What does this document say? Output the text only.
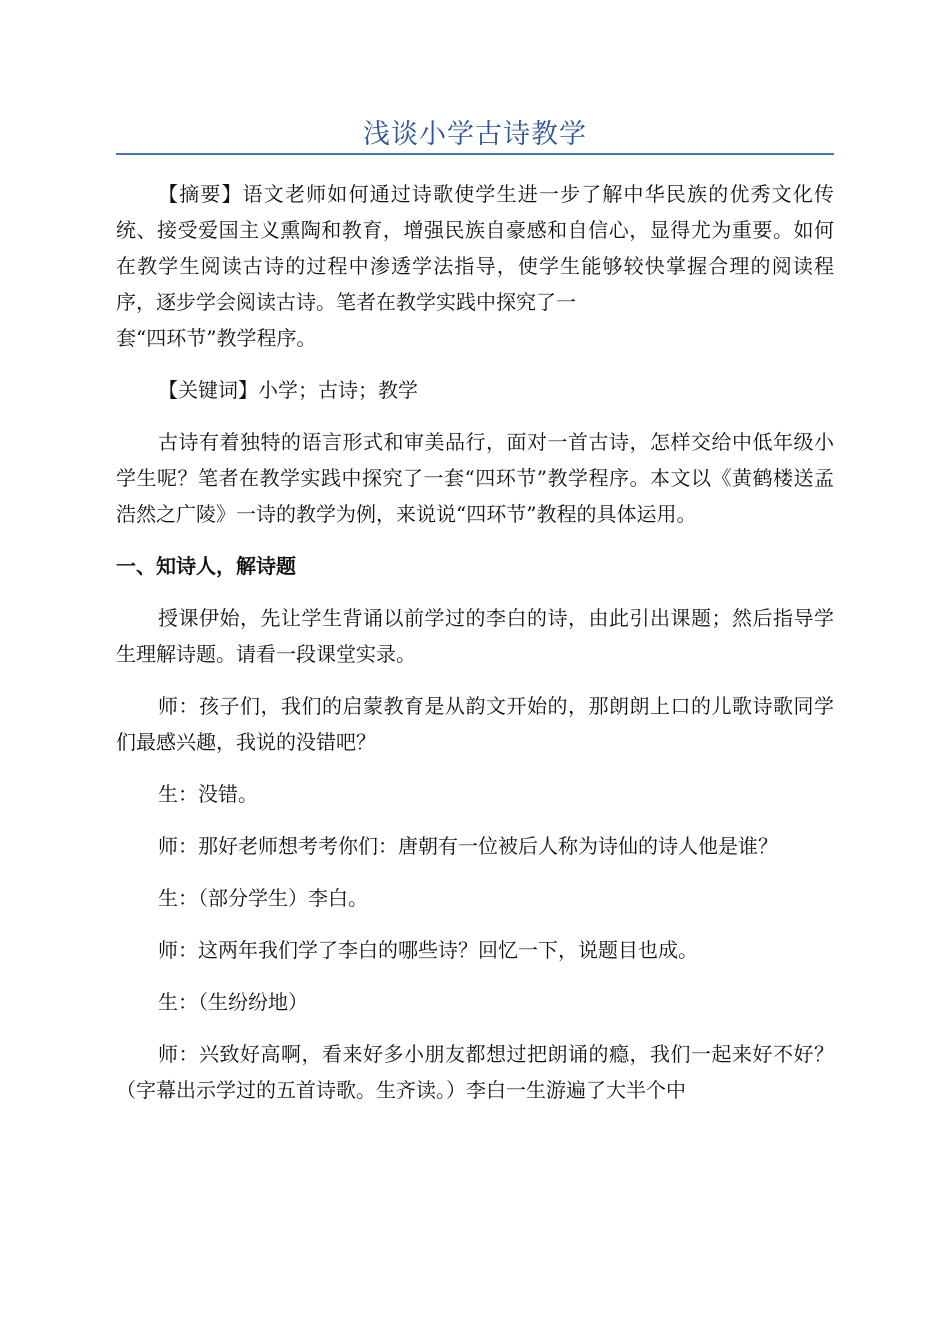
浅谈小学古诗教学

【摘要】语文老师如何通过诗歌使学生进一步了解中华民族的优秀文化传统、接受爱国主义熏陶和教育，增强民族自豪感和自信心，显得尤为重要。如何在教学生阅读古诗的过程中渗透学法指导，使学生能够较快掌握合理的阅读程序，逐步学会阅读古诗。笔者在教学实践中探究了一

套“四环节”教学程序。

【关键词】小学；古诗；教学

古诗有着独特的语言形式和审美品行，面对一首古诗，怎样交给中低年级小学生呢？笔者在教学实践中探究了一套“四环节”教学程序。本文以《黄鹤楼送孟浩然之广陵》一诗的教学为例，来说说“四环节”教程的具体运用。

一、知诗人，解诗题

授课伊始，先让学生背诵以前学过的李白的诗，由此引出课题；然后指导学生理解诗题。请看一段课堂实录。

师：孩子们，我们的启蒙教育是从韵文开始的，那朗朗上口的儿歌诗歌同学们最感兴趣，我说的没错吧？

生：没错。

师：那好老师想考考你们：唐朝有一位被后人称为诗仙的诗人他是谁？

生：（部分学生）李白。

师：这两年我们学了李白的哪些诗？回忆一下，说题目也成。

生：（生纷纷地）

师：兴致好高啊，看来好多小朋友都想过把朗诵的瘾，我们一起来好不好？（字幕出示学过的五首诗歌。生齐读。）李白一生游遍了大半个中
